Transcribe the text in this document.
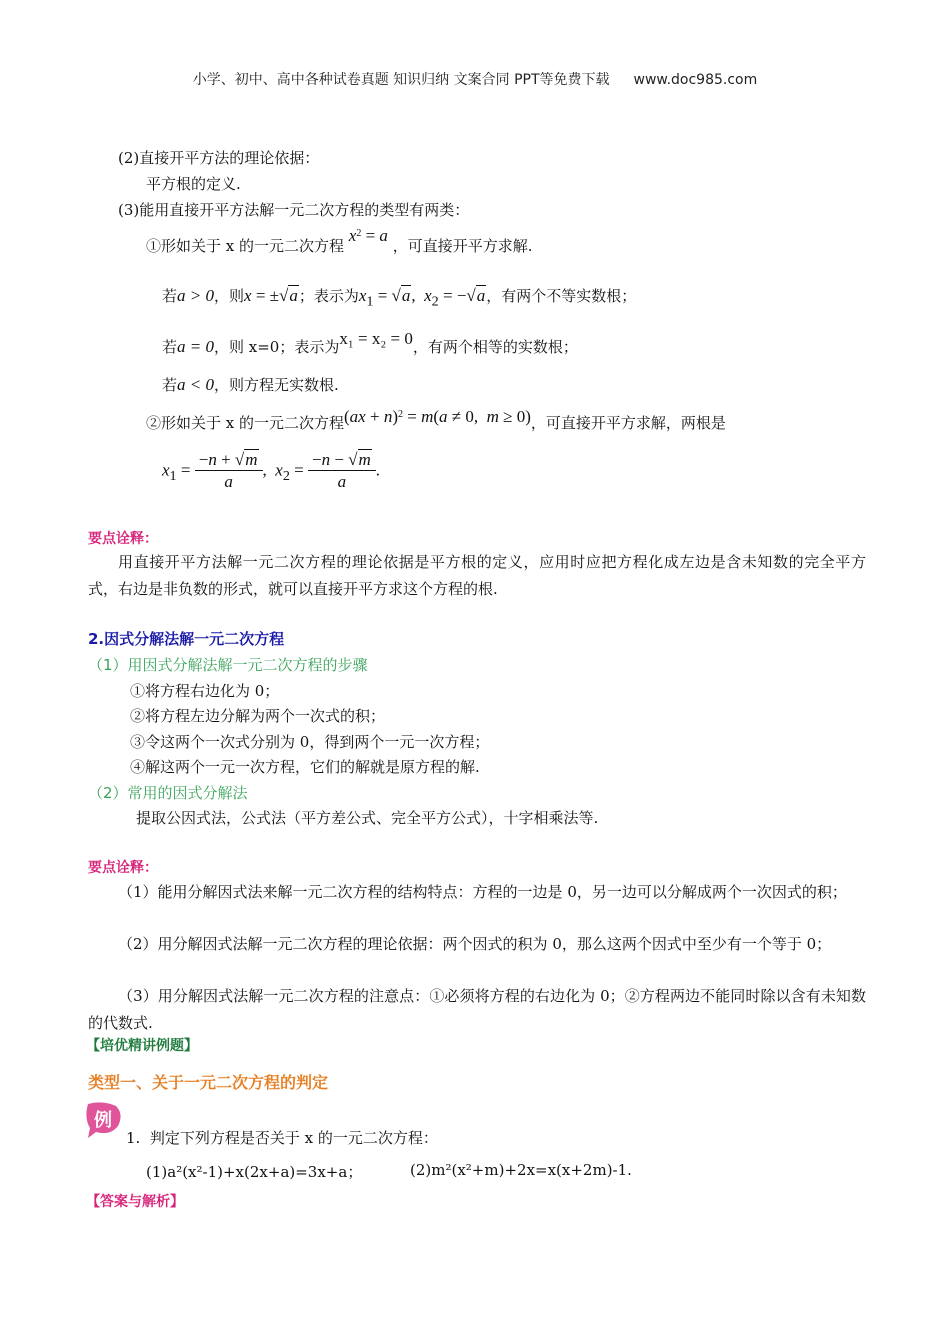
小学、初中、高中各种试卷真题 知识归纳 文案合同 PPT等免费下载 www.doc985.com
(2)直接开平方法的理论依据：
平方根的定义.
(3)能用直接开平方法解一元二次方程的类型有两类：
①形如关于 x 的一元二次方程 $x^2 = a$ ，可直接开平方求解.
若a > 0，则x = ±√a；表示为$x_1 = √a$,  $x_2 = -√a$，有两个不等实数根；
若a = 0，则 x=0；表示为x₁ = x₂ = 0，有两个相等的实数根；
若a < 0，则方程无实数根.
②形如关于 x 的一元二次方程(ax + n)$^2$ = m(a ≠ 0,  m ≥ 0)，可直接开平方求解，两根是
$x_1 = \frac{-n + √m}{a}$ ,  $x_2 = \frac{-n - √m}{a}$ .
要点诠释：
用直接开平方法解一元二次方程的理论依据是平方根的定义，应用时应把方程化成左边是含未知数的完全平方式，右边是非负数的形式，就可以直接开平方求这个方程的根.
2.因式分解法解一元二次方程
（1）用因式分解法解一元二次方程的步骤
①将方程右边化为 0；
②将方程左边分解为两个一次式的积；
③令这两个一次式分别为 0，得到两个一元一次方程；
④解这两个一元一次方程，它们的解就是原方程的解.
（2）常用的因式分解法
提取公因式法，公式法（平方差公式、完全平方公式），十字相乘法等.
要点诠释：
（1）能用分解因式法来解一元二次方程的结构特点：方程的一边是 0，另一边可以分解成两个一次因式的积；
（2）用分解因式法解一元二次方程的理论依据：两个因式的积为 0，那么这两个因式中至少有一个等于 0；
（3）用分解因式法解一元二次方程的注意点：①必须将方程的右边化为 0；②方程两边不能同时除以含有未知数的代数式.
【培优精讲例题】
类型一、关于一元二次方程的判定
例
1.  判定下列方程是否关于 x 的一元二次方程：
(1)a²(x²-1)+x(2x+a)=3x+a；	(2)m²(x²+m)+2x=x(x+2m)-1.
【答案与解析】
